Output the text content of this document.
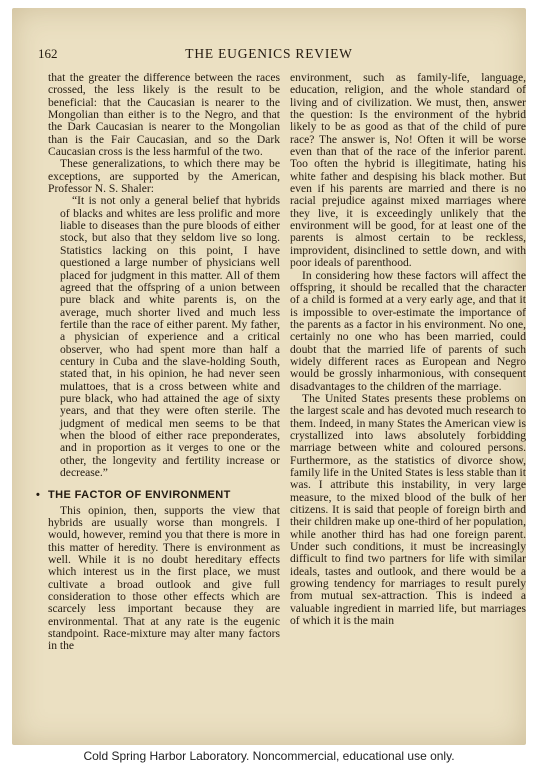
162	THE EUGENICS REVIEW

that the greater the difference between the races crossed, the less likely is the result to be beneficial: that the Caucasian is nearer to the Mongolian than either is to the Negro, and that the Dark Caucasian is nearer to the Mongolian than is the Fair Caucasian, and so the Dark Caucasian cross is the less harmful of the two.

These generalizations, to which there may be exceptions, are supported by the American, Professor N. S. Shaler:

“It is not only a general belief that hybrids of blacks and whites are less prolific and more liable to diseases than the pure bloods of either stock, but also that they seldom live so long. Statistics lacking on this point, I have questioned a large number of physicians well placed for judgment in this matter. All of them agreed that the offspring of a union between pure black and white parents is, on the average, much shorter lived and much less fertile than the race of either parent. My father, a physician of experience and a critical observer, who had spent more than half a century in Cuba and the slave-holding South, stated that, in his opinion, he had never seen mulattoes, that is a cross between white and pure black, who had attained the age of sixty years, and that they were often sterile. The judgment of medical men seems to be that when the blood of either race preponderates, and in proportion as it verges to one or the other, the longevity and fertility increase or decrease.”

• THE FACTOR OF ENVIRONMENT

This opinion, then, supports the view that hybrids are usually worse than mongrels. I would, however, remind you that there is more in this matter of heredity. There is environment as well. While it is no doubt hereditary effects which interest us in the first place, we must cultivate a broad outlook and give full consideration to those other effects which are scarcely less important because they are environmental. That at any rate is the eugenic standpoint. Race-mixture may alter many factors in the

environment, such as family-life, language, education, religion, and the whole standard of living and of civilization. We must, then, answer the question: Is the environment of the hybrid likely to be as good as that of the child of pure race? The answer is, No! Often it will be worse even than that of the race of the inferior parent. Too often the hybrid is illegitimate, hating his white father and despising his black mother. But even if his parents are married and there is no racial prejudice against mixed marriages where they live, it is exceedingly unlikely that the environment will be good, for at least one of the parents is almost certain to be reckless, improvident, disinclined to settle down, and with poor ideals of parenthood.

In considering how these factors will affect the offspring, it should be recalled that the character of a child is formed at a very early age, and that it is impossible to over-estimate the importance of the parents as a factor in his environment. No one, certainly no one who has been married, could doubt that the married life of parents of such widely different races as European and Negro would be grossly inharmonious, with consequent disadvantages to the children of the marriage.

The United States presents these problems on the largest scale and has devoted much research to them. Indeed, in many States the American view is crystallized into laws absolutely forbidding marriage between white and coloured persons. Furthermore, as the statistics of divorce show, family life in the United States is less stable than it was. I attribute this instability, in very large measure, to the mixed blood of the bulk of her citizens. It is said that people of foreign birth and their children make up one-third of her population, while another third has had one foreign parent. Under such conditions, it must be increasingly difficult to find two partners for life with similar ideals, tastes and outlook, and there would be a growing tendency for marriages to result purely from mutual sex-attraction. This is indeed a valuable ingredient in married life, but marriages of which it is the main

Cold Spring Harbor Laboratory. Noncommercial, educational use only.
